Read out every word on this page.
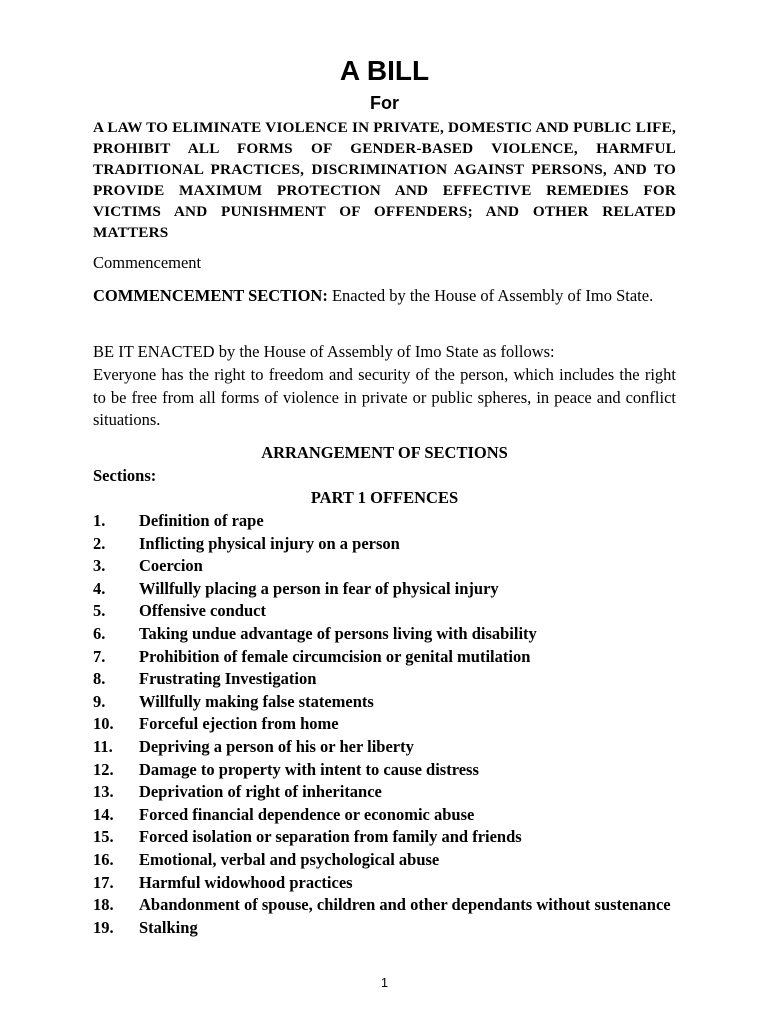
A BILL
For
A LAW TO ELIMINATE VIOLENCE IN PRIVATE, DOMESTIC AND PUBLIC LIFE, PROHIBIT ALL FORMS OF GENDER-BASED VIOLENCE, HARMFUL TRADITIONAL PRACTICES, DISCRIMINATION AGAINST PERSONS, AND TO PROVIDE MAXIMUM PROTECTION AND EFFECTIVE REMEDIES FOR VICTIMS AND PUNISHMENT OF OFFENDERS; AND OTHER RELATED MATTERS
Commencement
COMMENCEMENT SECTION: Enacted by the House of Assembly of Imo State.
BE IT ENACTED by the House of Assembly of Imo State as follows:
Everyone has the right to freedom and security of the person, which includes the right to be free from all forms of violence in private or public spheres, in peace and conflict situations.
ARRANGEMENT OF SECTIONS
Sections:
PART 1 OFFENCES
1.	Definition of rape
2.	Inflicting physical injury on a person
3.	Coercion
4.	Willfully placing a person in fear of physical injury
5.	Offensive conduct
6.	Taking undue advantage of persons living with disability
7.	Prohibition of female circumcision or genital mutilation
8.	Frustrating Investigation
9.	Willfully making false statements
10.	Forceful ejection from home
11.	Depriving a person of his or her liberty
12.	Damage to property with intent to cause distress
13.	Deprivation of right of inheritance
14.	Forced financial dependence or economic abuse
15.	Forced isolation or separation from family and friends
16.	Emotional, verbal and psychological abuse
17.	Harmful widowhood practices
18.	Abandonment of spouse, children and other dependants without sustenance
19.	Stalking
1
